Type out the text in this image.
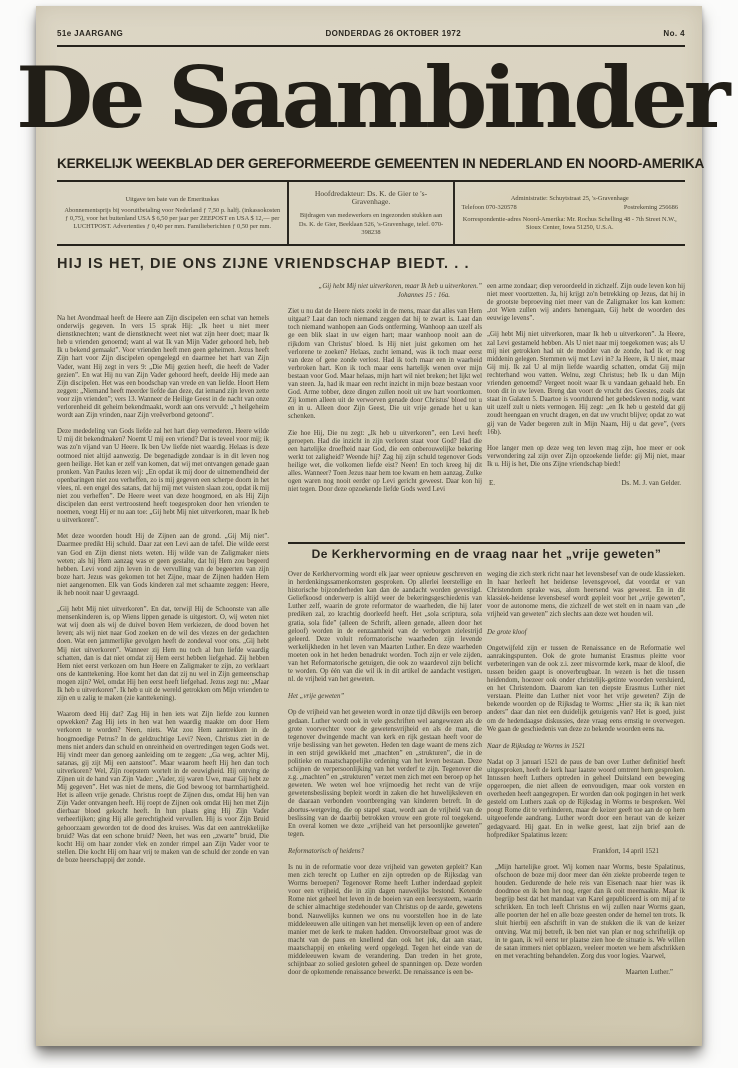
51e JAARGANG	DONDERDAG 26 OKTOBER 1972	No. 4
De Saambinder
KERKELIJK WEEKBLAD DER GEREFORMEERDE GEMEENTEN IN NEDERLAND EN NOORD-AMERIKA
Uitgave ten bate van de Emerituskas
Abonnementsprijs bij vooruitbetaling voor Nederland ƒ 7,50 p. halfj. (inkassokosten ƒ 0,75), voor het buitenland USA $ 6,50 per jaar per ZEEPOST en USA $ 12,— per LUCHTPOST. Advertenties ƒ 0,40 per mm. Familieberichten ƒ 0,50 per mm.
Hoofdredakteur: Ds. K. de Gier te 's-Gravenhage.
Bijdragen van medewerkers en ingezonden stukken aan Ds. K. de Gier, Beeklaan 526, 's-Gravenhage, telef. 070-398238
Administratie: Schuytstraat 25, 's-Gravenhage
Telefoon 070-320578	Postrekening 256686
Korrespondentie-adres Noord-Amerika: Mr. Rochus Schelling 48 - 7th Street N.W., Sioux Center, Iowa 51250, U.S.A.
HIJ IS HET, DIE ONS ZIJNE VRIENDSCHAP BIEDT. . .

Na het Avondmaal heeft de Heere aan Zijn discipelen een schat van hemels onderwijs gegeven. In vers 15 sprak Hij: „Ik heet u niet meer dienstknechten; want de dienstknecht weet niet wat zijn heer doet; maar Ik heb u vrienden genoemd; want al wat Ik van Mijn Vader gehoord heb, heb Ik u bekend gemaakt”. Voor vrienden heeft men geen geheimen. Jezus heeft Zijn hart voor Zijn discipelen opengelegd en daarmee het hart van Zijn Vader, want Hij zegt in vers 9: „Die Mij gezien heeft, die heeft de Vader gezien”. En wat Hij nu van Zijn Vader gehoord heeft, deelde Hij mede aan Zijn discipelen. Het was een boodschap van vrede en van liefde. Hoort Hem zeggen: „Niemand heeft meerder liefde dan deze, dat iemand zijn leven zette voor zijn vrienden”; vers 13. Wanneer de Heilige Geest in de nacht van onze verlorenheid dit geheim bekendmaakt, wordt aan ons vervuld: „'t heilgeheim wordt aan Zijn vrinden, naar Zijn vreêverbond getoond”.

Deze mededeling van Gods liefde zal het hart diep vernederen. Heere wilde U mij dit bekendmaken? Noemt U mij een vriend? Dat is teveel voor mij; ik was zo'n vijand van U Heere. Ik ben Uw liefde niet waardig. Helaas is deze ootmoed niet altijd aanwezig. De begenadigde zondaar is in dit leven nog geen heilige. Het kan er zelf van komen, dat wij met ontvangen genade gaan pronken. Van Paulus lezen wij: „En opdat ik mij door de uitnemendheid der openbaringen niet zou verheffen, zo is mij gegeven een scherpe doorn in het vlees, nl. een engel des satans, dat hij mij met vuisten slaan zou, opdat ik mij niet zou verheffen”. De Heere weet van deze hoogmoed, en als Hij Zijn discipelen dan eerst vertroostend heeft toegesproken door hen vrienden te noemen, voegt Hij er nu aan toe: „Gij hebt Mij niet uitverkoren, maar Ik heb u uitverkoren”.

Met deze woorden houdt Hij de Zijnen aan de grond. „Gij Mij niet”. Daarmee predikt Hij schuld. Daar zat een Levi aan de tafel. Die wilde eerst van God en Zijn dienst niets weten. Hij wilde van de Zaligmaker niets weten; als hij Hem aanzag was er geen gestalte, dat hij Hem zou begeerd hebben. Levi vond zijn leven in de vervulling van de begeerten van zijn boze hart. Jezus was gekomen tot het Zijne, maar de Zijnen hadden Hem niet aangenomen. Elk van Gods kinderen zal met schaamte zeggen: Heere, ik heb nooit naar U gevraagd.

„Gij hebt Mij niet uitverkoren”. En dat, terwijl Hij de Schoonste van alle mensenkinderen is, op Wiens lippen genade is uitgestort. O, wij weten niet wat wij doen als wij de duivel boven Hem verkiezen, de dood boven het leven; als wij niet naar God zoeken en de wil des vlezes en der gedachten doen. Wat een jammerlijke gevolgen heeft de zondeval voor ons. „Gij hebt Mij niet uitverkoren”. Wanneer zij Hem nu toch al hun liefde waardig schatten, dan is dat niet omdat zij Hem eerst hebben liefgehad. Zij hebben Hem niet eerst verkozen om hun Heere en Zaligmaker te zijn, zo verklaart ons de kanttekening. Hoe komt het dan dat zij nu wel in Zijn gemeenschap mogen zijn? Wel, omdat Hij hen eerst heeft liefgehad. Jezus zegt nu: „Maar Ik heb u uitverkoren”. Ik heb u uit de wereld getrokken om Mijn vrienden te zijn en u zalig te maken (zie kanttekening).

Waarom deed Hij dat? Zag Hij in hen iets wat Zijn liefde zou kunnen opwekken? Zag Hij iets in hen wat hen waardig maakte om door Hem verkoren te worden? Neen, niets. Wat zou Hem aantrekken in de hoogmoedige Petrus? In de geldzuchtige Levi? Neen, Christus ziet in de mens niet anders dan schuld en onreinheid en overtredingen tegen Gods wet. Hij vindt meer dan genoeg aanleiding om te zeggen: „Ga weg, achter Mij, satanas, gij zijt Mij een aanstoot”. Maar waarom heeft Hij hen dan toch uitverkoren? Wel, Zijn roepstem wortelt in de eeuwigheid. Hij ontving de Zijnen uit de hand van Zijn Vader: „Vader, zij waren Uwe, maar Gij hebt ze Mij gegeven”. Het was niet de mens, die God bewoog tot barmhartigheid. Het is alleen vrije genade. Christus roept de Zijnen dus, omdat Hij hen van Zijn Vader ontvangen heeft. Hij roept de Zijnen ook omdat Hij hen met Zijn dierbaar bloed gekocht heeft. In hun plaats ging Hij Zijn Vader verheerlijken; ging Hij alle gerechtigheid vervullen. Hij is voor Zijn Bruid gehoorzaam geworden tot de dood des kruises. Was dat een aantrekkelijke bruid? Was dat een schone bruid? Neen, het was een „zwarte” bruid, Die kocht Hij om haar zonder vlek en zonder rimpel aan Zijn Vader voor te stellen. Die kocht Hij om haar vrij te maken van de schuld der zonde en van de boze heerschappij der zonde.

„Gij hebt Mij niet uitverkoren, maar Ik heb u uitverkoren.”
Johannes 15 : 16a.

Ziet u nu dat de Heere niets zoekt in de mens, maar dat alles van Hem uitgaat? Laat dan toch niemand zeggen dat hij te zwart is. Laat dan toch niemand wanhopen aan Gods ontferming. Wanhoop aan uzelf als ge een blik slaat in uw eigen hart; maar wanhoop nooit aan de rijkdom van Christus' bloed. Is Hij niet juist gekomen om het verlorene te zoeken? Helaas, zucht iemand, was ik toch maar eerst van deze of gene zonde verlost. Had ik toch maar een in waarheid verbroken hart. Kon ik toch maar eens hartelijk wenen over mijn bestaan voor God. Maar helaas, mijn hart wil niet breken; het lijkt wel van steen. Ja, had ik maar een recht inzicht in mijn boze bestaan voor God. Arme tobber, deze dingen zullen nooit uit uw hart voortkomen. Zij komen alleen uit de verworven genade door Christus' bloed tot u en in u. Alleen door Zijn Geest, Die uit vrije genade het u kan schenken.

Zie hoe Hij, Die nu zegt: „Ik heb u uitverkoren”, een Levi heeft geroepen. Had die inzicht in zijn verloren staat voor God? Had die een hartelijke droefheid naar God, die een onberouwelijke bekering werkt tot zaligheid? Weende hij? Zag hij zijn schuld tegenover Gods heilige wet, die volkomen liefde eist? Neen! En toch kreeg hij dit alles. Wanneer? Toen Jezus naar hem toe kwam en hem aanzag. Zulke ogen waren nog nooit eerder op Levi gericht geweest. Daar kon hij niet tegen. Door deze opzoekende liefde Gods werd Levi

een arme zondaar; diep veroordeeld in zichzelf. Zijn oude leven kon hij niet meer voortzetten. Ja, hij krijgt zo'n betrekking op Jezus, dat hij in de grootste beproeving niet meer van de Zaligmaker los kan komen: „tot Wien zullen wij anders henengaan, Gij hebt de woorden des eeuwige levens”.

„Gij hebt Mij niet uitverkoren, maar Ik heb u uitverkoren”. Ja Heere, zal Levi gestameld hebben. Als U niet naar mij toegekomen was; als U mij niet getrokken had uit de modder van de zonde, had ik er nog middenin gelegen. Stemmen wij met Levi in? Ja Heere, ik U niet, maar Gij mij. Ik zal U al mijn liefde waardig schatten, omdat Gij mijn rechterhand wou vatten. Welnu, zegt Christus; heb Ik u dan Mijn vrienden genoemd? Vergeet nooit waar Ik u vandaan gehaald heb. En toon dit in uw leven. Breng dan voort de vrucht des Geestes, zoals dat staat in Galaten 5. Daartoe is voortdurend het gebedsleven nodig, want uit uzelf zult u niets vermogen. Hij zegt: „en Ik heb u gesteld dat gij zoudt heengaan en vrucht dragen, en dat uw vrucht blijve; opdat zo wat gij van de Vader begeren zult in Mijn Naam, Hij u dat geve”, (vers 16b).

Hoe langer men op deze weg ten leven mag zijn, hoe meer er ook verwondering zal zijn over Zijn opzoekende liefde: gij Mij niet, maar Ik u. Hij is het, Die ons Zijne vriendschap biedt!

E.	Ds. M. J. van Gelder.
De Kerkhervorming en de vraag naar het „vrije geweten”

Over de Kerkhervorming wordt elk jaar weer opnieuw geschreven en in herdenkingssamenkomsten gesproken. Op allerlei leerstellige en historische bijzonderheden kan dan de aandacht worden gevestigd. Geliefkoosd onderwerp is altijd weer de bekeringsgeschiedenis van Luther zelf, waarin de grote reformator de waarheden, die hij later prediken zal, zo krachtig doorleefd heeft. Het „sola scriptura, sola gratia, sola fide” (alleen de Schrift, alleen genade, alleen door het geloof) worden in de eenzaamheid van de verborgen zielestrijd geleerd. Deze voluit reformatorische waarheden zijn levende werkelijkheden in het leven van Maarten Luther. En deze waarheden moeten ook in het heden benadrukt worden. Toch zijn er vele zijden, van het Reformatorische getuigen, die ook zo waardevol zijn belicht te worden. Op één van die wil ik in dit artikel de aandacht vestigen, nl. de vrijheid van het geweten.

Het „vrije geweten”

Op de vrijheid van het geweten wordt in onze tijd dikwijls een beroep gedaan. Luther wordt ook in vele geschriften wel aangewezen als de grote voorvechter voor de gewetensvrijheid en als de man, die tegenover dwingende macht van kerk en rijk gestaan heeft voor de vrije beslissing van het geweten. Heden ten dage waant de mens zich in een strijd gewikkeld met „machten” en „strukturen”, die in de politieke en maatschappelijke ordening van het leven bestaan. Deze schijnen de verpersoonlijking van het verderf te zijn. Tegenover die z.g. „machten” en „strukturen” verzet men zich met een beroep op het geweten. We weten wel hoe vrijmoedig het recht van de vrije gewetensbeslissing bepleit wordt in zaken die het huwelijksleven en de daaraan verbonden voortbrenging van kinderen betreft. In de abortus-wetgeving, die op stapel staat, wordt aan de vrijheid van de beslissing van de daarbij betrokken vrouw een grote rol toegekend. En overal komen we deze „vrijheid van het persoonlijke geweten” tegen.

Reformatorisch of heidens?

Is nu in de reformatie voor deze vrijheid van geweten gepleit? Kan men zich terecht op Luther en zijn optreden op de Rijksdag van Worms beroepen? Tegenover Rome heeft Luther inderdaad gepleit voor een vrijheid, die in zijn dagen nauwelijks bestond. Ketende Rome niet geheel het leven in de boeien van een leersysteem, waarin de schier almachtige stedehouder van Christus op de aarde, gewetens bond. Nauwelijks kunnen we ons nu voorstellen hoe in de late middeleeuwen alle uitingen van het menselijk leven op een of andere manier met de kerk te maken hadden. Onvoorstelbaar groot was de macht van de paus en knellend dan ook het juk, dat aan staat, maatschappij en enkeling werd opgelegd. Tegen het einde van de middeleeuwen kwam de verandering. Dan treden in het grote, schijnbaar zo solied gesloten geheel de spanningen op. Deze worden door de opkomende renaissance bewerkt. De renaissance is een be-

weging die zich sterk richt naar het levensbesef van de oude klassieken. In haar herleeft het heidense levensgevoel, dat voordat er van Christendom sprake was, alom heersend was geweest. En in dit klassiek-heidense levensbesef wordt gepleit voor het „vrije geweten”, voor de autonome mens, die zichzelf de wet stelt en in naam van „de vrijheid van geweten” zich slechts aan deze wet houden wil.

De grote kloof

Ongetwijfeld zijn er tussen de Renaissance en de Reformatie wel aanrakingspunten. Ook de grote humanist Erasmus pleitte voor verbeteringen van de ook z.i. zeer misvormde kerk, maar de kloof, die tussen beiden gaapt is onoverbrugbaar. In wezen is het die tussen heidendom, hoezeer ook onder christelijk-getinte woorden versluierd, en het Christendom. Daarom kan ten diepste Erasmus Luther niet verstaan. Pleitte dan Luther niet voor het vrije geweten? Zijn de bekende woorden op de Rijksdag te Worms: „Hier sta ik; ik kan niet anders” daar dan niet een duidelijk getuigenis van? Het is goed, juist om de hedendaagse diskussies, deze vraag eens ernstig te overwegen. We gaan de geschiedenis van deze zo bekende woorden eens na.

Naar de Rijksdag te Worms in 1521

Nadat op 3 januari 1521 de paus de ban over Luther definitief heeft uitgesproken, heeft de kerk haar laatste woord omtrent hem gesproken. Intussen heeft Luthers optreden in geheel Duitsland een beweging opgeroepen, die niet alleen de eenvoudigen, maar ook vorsten en overheden heeft aangegrepen. Er worden dan ook pogingen in het werk gesteld om Luthers zaak op de Rijksdag in Worms te bespreken. Wel poogt Rome dit te verhinderen, maar de keizer geeft toe aan de op hem uitgeoefende aandrang. Luther wordt door een heraut van de keizer gedagvaard. Hij gaat. En in welke geest, laat zijn brief aan de hofprediker Spalatinus lezen:

Frankfort, 14 april 1521

„Mijn hartelijke groet. Wij komen naar Worms, beste Spalatinus, ofschoon de boze mij door meer dan één ziekte probeerde tegen te houden. Gedurende de hele reis van Eisenach naar hier was ik doodmoe en ik ben het nog, erger dan ik ooit meemaakte. Maar ik begrijp best dat het mandaat van Karel gepubliceerd is om mij af te schrikken. En toch leeft Christus en wij zullen naar Worms gaan, alle poorten der hel en alle boze geesten onder de hemel ten trots. Ik sluit hierbij een afschrift in van de stukken die ik van de keizer ontving. Wat mij betreft, ik ben niet van plan er nog schriftelijk op in te gaan, ik wil eerst ter plaatse zien hoe de situatie is. We willen de satan immers niet opblazen, veeleer moeten we hem afschrikken en met verachting behandelen. Zorg dus voor logies. Vaarwel,

Maarten Luther.”
